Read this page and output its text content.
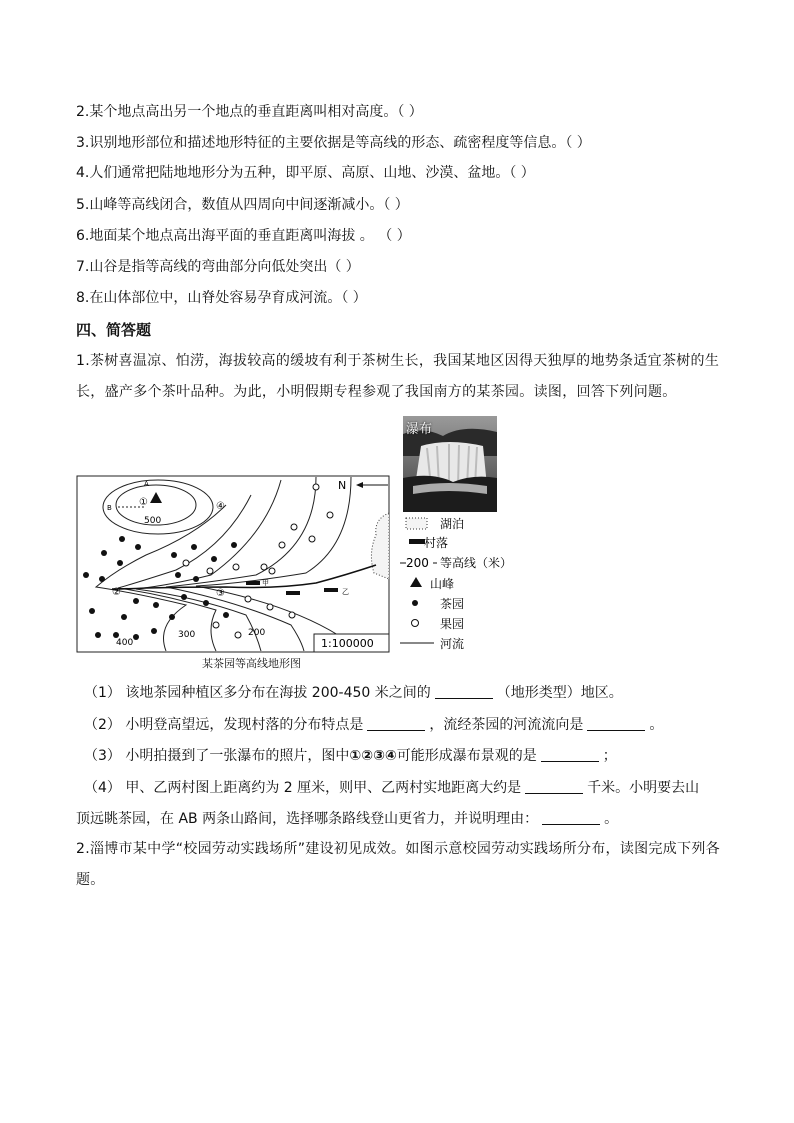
2.某个地点高出另一个地点的垂直距离叫相对高度。（ ）
3.识别地形部位和描述地形特征的主要依据是等高线的形态、疏密程度等信息。（ ）
4.人们通常把陆地地形分为五种，即平原、高原、山地、沙漠、盆地。（ ）
5.山峰等高线闭合，数值从四周向中间逐渐减小。（ ）
6.地面某个地点高出海平面的垂直距离叫海拔 。 （ ）
7.山谷是指等高线的弯曲部分向低处突出（ ）
8.在山体部位中，山脊处容易孕育成河流。（ ）
四、简答题
1.茶树喜温凉、怕涝，海拔较高的缓坡有利于茶树生长，我国某地区因得天独厚的地势条适宜茶树的生长，盛产多个茶叶品种。为此，小明假期专程参观了我国南方的某茶园。读图，回答下列问题。
瀑布
N
A
B	①	④
②	③
500
400
300	200
甲
乙
1:100000
湖泊
村落
200 等高线（米）
山峰
茶园
果园
河流
某茶园等高线地形图
（1） 该地茶园种植区多分布在海拔 200-450 米之间的	（地形类型）地区。
（2） 小明登高望远，发现村落的分布特点是	，流经茶园的河流流向是	。
（3） 小明拍摄到了一张瀑布的照片，图中①②③④可能形成瀑布景观的是	；
（4） 甲、乙两村图上距离约为 2 厘米，则甲、乙两村实地距离大约是	千米。小明要去山
顶远眺茶园，在 AB 两条山路间，选择哪条路线登山更省力，并说明理由：	。
2.淄博市某中学“校园劳动实践场所”建设初见成效。如图示意校园劳动实践场所分布，读图完成下列各题。
